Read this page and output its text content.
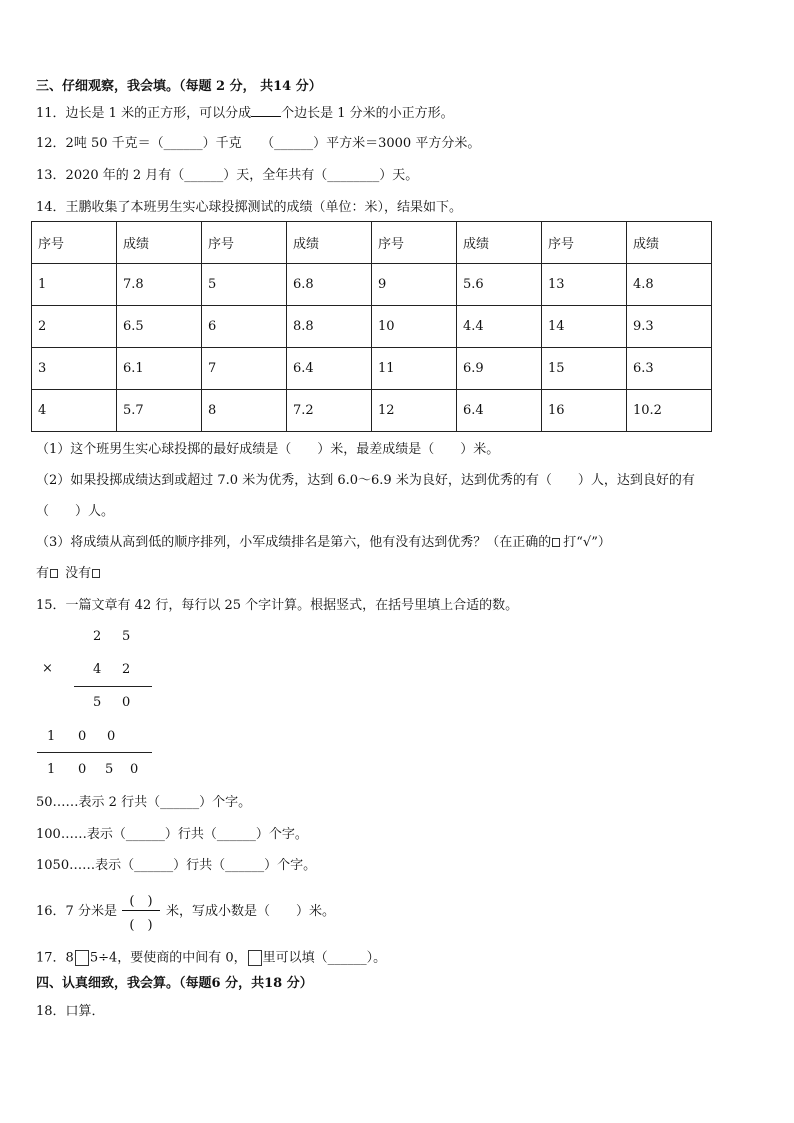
三、仔细观察，我会填。（每题 2 分， 共14 分）
11．边长是 1 米的正方形，可以分成 个边长是 1 分米的小正方形。
12．2吨 50 千克＝（______）千克　　（______）平方米＝3000 平方分米。
13．2020 年的 2 月有（______）天，全年共有（________）天。
14．王鹏收集了本班男生实心球投掷测试的成绩（单位：米），结果如下。
序号	成绩	序号	成绩	序号	成绩	序号	成绩
1	7.8	5	6.8	9	5.6	13	4.8
2	6.5	6	8.8	10	4.4	14	9.3
3	6.1	7	6.4	11	6.9	15	6.3
4	5.7	8	7.2	12	6.4	16	10.2
（1）这个班男生实心球投掷的最好成绩是（　　）米，最差成绩是（　　）米。
（2）如果投掷成绩达到或超过 7.0 米为优秀，达到 6.0～6.9 米为良好，达到优秀的有（　　）人，达到良好的有
（　　）人。
（3）将成绩从高到低的顺序排列，小军成绩排名是第六，他有没有达到优秀？（在正确的 打“√”）
有 没有
15．一篇文章有 42 行，每行以 25 个字计算。根据竖式，在括号里填上合适的数。
2 5
×	4 2
5 0
1 0 0
1 0 5 0
50……表示 2 行共（______）个字。
100……表示（______）行共（______）个字。
1050……表示（______）行共（______）个字。
16．7 分米是
(　)
(　)
米，写成小数是（　　）米。
17．8 5÷4，要使商的中间有 0， 里可以填（______）。
四、认真细致，我会算。（每题6 分，共18 分）
18．口算．
